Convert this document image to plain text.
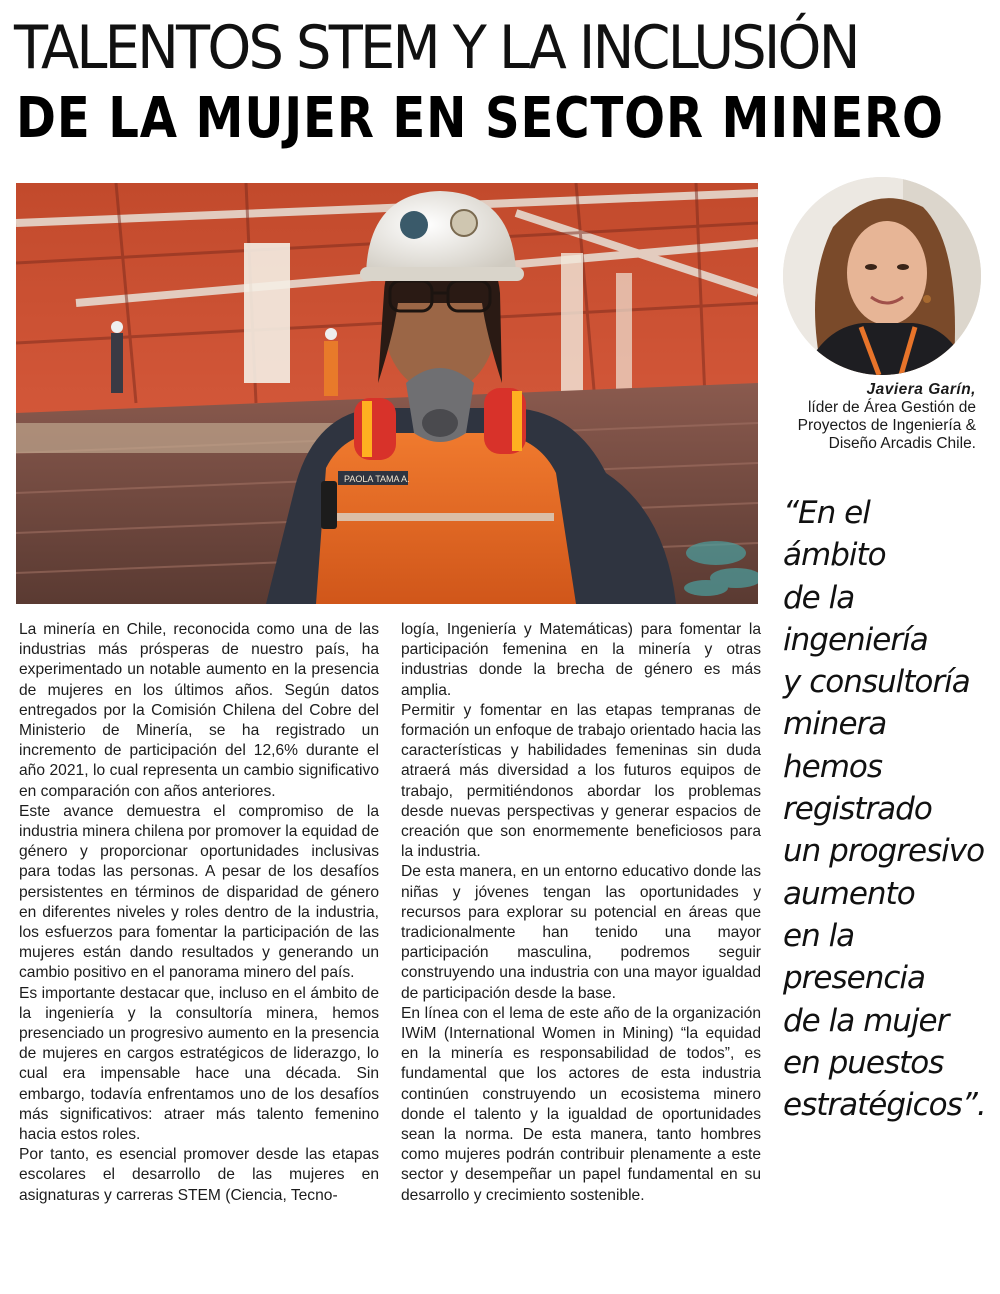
TALENTOS STEM Y LA INCLUSIÓN
DE LA MUJER EN SECTOR MINERO
PAOLA TAMA A.
Javiera Garín,
líder de Área Gestión de
Proyectos de Ingeniería &
Diseño Arcadis Chile.
“En el
ámbito
de la
ingeniería
y consultoría
minera
hemos
registrado
un progresivo
aumento
en la
presencia
de la mujer
en puestos
estratégicos”.

La minería en Chile, reconocida como una de las industrias más prósperas de nuestro país, ha experimentado un notable aumento en la presencia de mujeres en los últimos años. Según datos entregados por la Comisión Chilena del Cobre del Ministerio de Minería, se ha registrado un incremento de participación del 12,6% durante el año 2021, lo cual representa un cambio significativo en comparación con años anteriores.

Este avance demuestra el compromiso de la industria minera chilena por promover la equidad de género y proporcionar oportunidades inclusivas para todas las personas. A pesar de los desafíos persistentes en términos de disparidad de género en diferentes niveles y roles dentro de la industria, los esfuerzos para fomentar la participación de las mujeres están dando resultados y generando un cambio positivo en el panorama minero del país.

Es importante destacar que, incluso en el ámbito de la ingeniería y la consultoría minera, hemos presenciado un progresivo aumento en la presencia de mujeres en cargos estratégicos de liderazgo, lo cual era impensable hace una década. Sin embargo, todavía enfrentamos uno de los desafíos más significativos: atraer más talento femenino hacia estos roles.

Por tanto, es esencial promover desde las etapas escolares el desarrollo de las mujeres en asignaturas y carreras STEM (Ciencia, Tecno-

logía, Ingeniería y Matemáticas) para fomentar la participación femenina en la minería y otras industrias donde la brecha de género es más amplia.

Permitir y fomentar en las etapas tempranas de formación un enfoque de trabajo orientado hacia las características y habilidades femeninas sin duda atraerá más diversidad a los futuros equipos de trabajo, permitiéndonos abordar los problemas desde nuevas perspectivas y generar espacios de creación que son enormemente beneficiosos para la industria.

De esta manera, en un entorno educativo donde las niñas y jóvenes tengan las oportunidades y recursos para explorar su potencial en áreas que tradicionalmente han tenido una mayor participación masculina, podremos seguir construyendo una industria con una mayor igualdad de participación desde la base.

En línea con el lema de este año de la organización IWiM (International Women in Mining) “la equidad en la minería es responsabilidad de todos”, es fundamental que los actores de esta industria continúen construyendo un ecosistema minero donde el talento y la igualdad de oportunidades sean la norma. De esta manera, tanto hombres como mujeres podrán contribuir plenamente a este sector y desempeñar un papel fundamental en su desarrollo y crecimiento sostenible.
